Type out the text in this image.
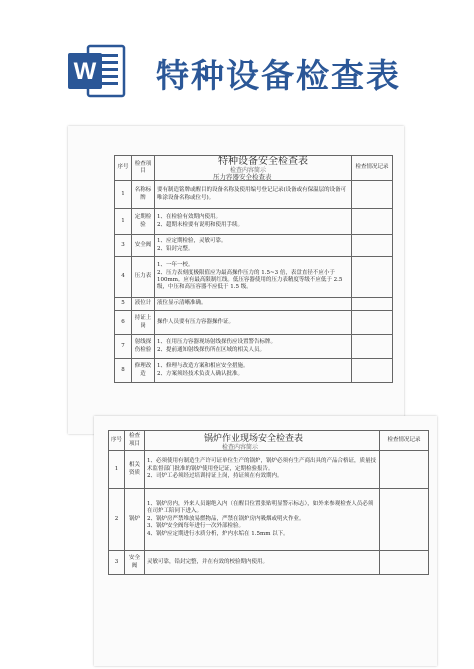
W 特种设备检查表
特种设备安全检查表
检查内容简示
序号	检查项目		检查情况记录
1	名称标牌	要有制造铭牌或醒目的设备名称及使用编号登记记录(设备或有保温层的设备可唯涂设备名称或位号)。	
1	定期检验	1、在检验有效期内使用。
2、超期未检要有说明和使用手续。	
3	安全阀	1、应定期检验，灵敏可靠。
2、铅封完整。	
4	压力表	1、一年一校。
2、压力表刻度极限值应为最高操作压力的 1.5~3 倍，表盘直径不应小于 100mm。应有最高限制红线。低压容器使用的压力表精度等级不应低于 2.5 级，中压和高压容器不应低于 1.5 级。	
5	液位计	液位显示清晰准确。	
6	持证上岗	操作人员要有压力容器操作证。	
7	射线探伤检验	1、在用压力容器现场射线探伤应设置警告标牌。
2、提前通知射线探伤所在区域的相关人员。	
8	修理改造	1、修理与改造方案和相应安全措施。
2、方案须经技术负责人确认批准。	
压力容器安全检查表
锅炉作业现场安全检查表
检查内容简示
序号	检查项目		检查情况记录
1	相关资质	1、必须使用有制造生产许可证单位生产的锅炉，锅炉必须有生产商出具的产品合格证，质量技术监督部门批准的锅炉使用登记证，定期检验报告。
2、司炉工必须经过培训持证上岗，持证须在有效期内。	
2	锅炉	1、锅炉房内，外来人员谢绝入内（在醒目位置张贴明显警示标志），如外来参观检查人员必须在司炉工陪同下进入。
2、锅炉房严禁堆放易燃物品，严禁在锅炉房内吸烟或明火作业。
3、锅炉安全阀每年进行一次外部检验。
4、锅炉应定期进行水质分析，炉内水垢在 1.5mm 以下。	
3	安全阀	灵敏可靠，铅封完整，并在有效的校验期内使用。	
